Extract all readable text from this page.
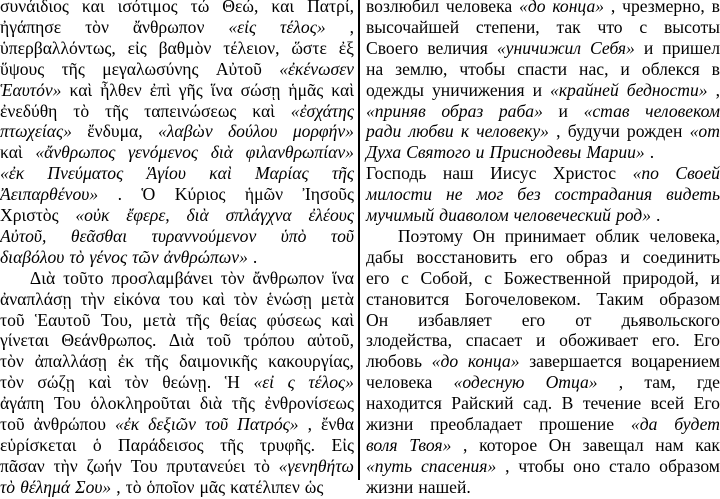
συνάιδιος και ισότιμος τώ Θεώ, και Πατρί,
ἠγάπησε τὸν ἄνθρωπον «εἰς τέλος» ,
ὑπερβαλλόντως, εἰς βαθμὸν τέλειον, ὥστε ἐξ
ὕψους τῆς μεγαλωσύνης Αὐτοῦ «ἐκένωσεν
Ἑαυτόν» καὶ ἦλθεν ἐπὶ γῆς ἵνα σώσῃ ἡμᾶς καὶ
ἐνεδύθη τὸ τῆς ταπεινώσεως καὶ «ἐσχάτης
πτωχείας» ἔνδυμα, «λαβὼν δούλου μορφήν»
καὶ «ἄνθρωπος γενόμενος διὰ φιλανθρωπίαν»
«ἐκ Πνεύματος Ἁγίου καὶ Μαρίας τῆς
Ἀειπαρθένου» . Ὁ Κύριος ἡμῶν Ἰησοῦς
Χριστὸς «οὐκ ἔφερε, διὰ σπλάγχνα ἐλέους
Αὐτοῦ, θεᾶσθαι τυραννούμενον ὑπὸ τοῦ
διαβόλου τὸ γένος τῶν ἀνθρώπων» .
Διὰ τοῦτο προσλαμβάνει τὸν ἄνθρωπον ἵνα
ἀναπλάσῃ τὴν εἰκόνα του καὶ τὸν ἑνώσῃ μετὰ
τοῦ Ἑαυτοῦ Του, μετὰ τῆς θείας φύσεως καὶ
γίνεται Θεάνθρωπος. Διὰ τοῦ τρόπου αὐτοῦ,
τὸν ἀπαλλάσῃ ἐκ τῆς δαιμονικῆς κακουργίας,
τὸν σώζῃ καὶ τὸν θεώνῃ. Ἡ «εἰ ς τέλος»
ἀγάπη Του ὁλοκληροῦται διὰ τῆς ἐνθρονίσεως
τοῦ ἀνθρώπου «ἐκ δεξιῶν τοῦ Πατρός» , ἔνθα
εὑρίσκεται ὁ Παράδεισος τῆς τρυφῆς. Εἰς
πᾶσαν τὴν ζωήν Του πρυτανεύει τὸ «γενηθήτω
τὸ θέλημά Σου» , τὸ ὁποῖον μᾶς κατέλιπεν ὡς
возлюбил человека «до конца» , чрезмерно, в
высочайшей степени, так что с высоты
Своего величия «уничижил Себя» и пришел
на землю, чтобы спасти нас, и облекся в
одежды уничижения и «крайней бедности» ,
«приняв образ раба» и «став человеком
ради любви к человеку» , будучи рожден «от
Духа Святого и Приснодевы Марии» .
Господь наш Иисус Христос «по Своей
милости не мог без сострадания видеть
мучимый диаволом человеческий род» .
Поэтому Он принимает облик человека,
дабы восстановить его образ и соединить
его с Собой, с Божественной природой, и
становится Богочеловеком. Таким образом
Он избавляет его от дьявольского
злодейства, спасает и обоживает его. Его
любовь «до конца» завершается воцарением
человека «одесную Отца» , там, где
находится Райский сад. В течение всей Его
жизни преобладает прошение «да будет
воля Твоя» , которое Он завещал нам как
«путь спасения» , чтобы оно стало образом
жизни нашей.
